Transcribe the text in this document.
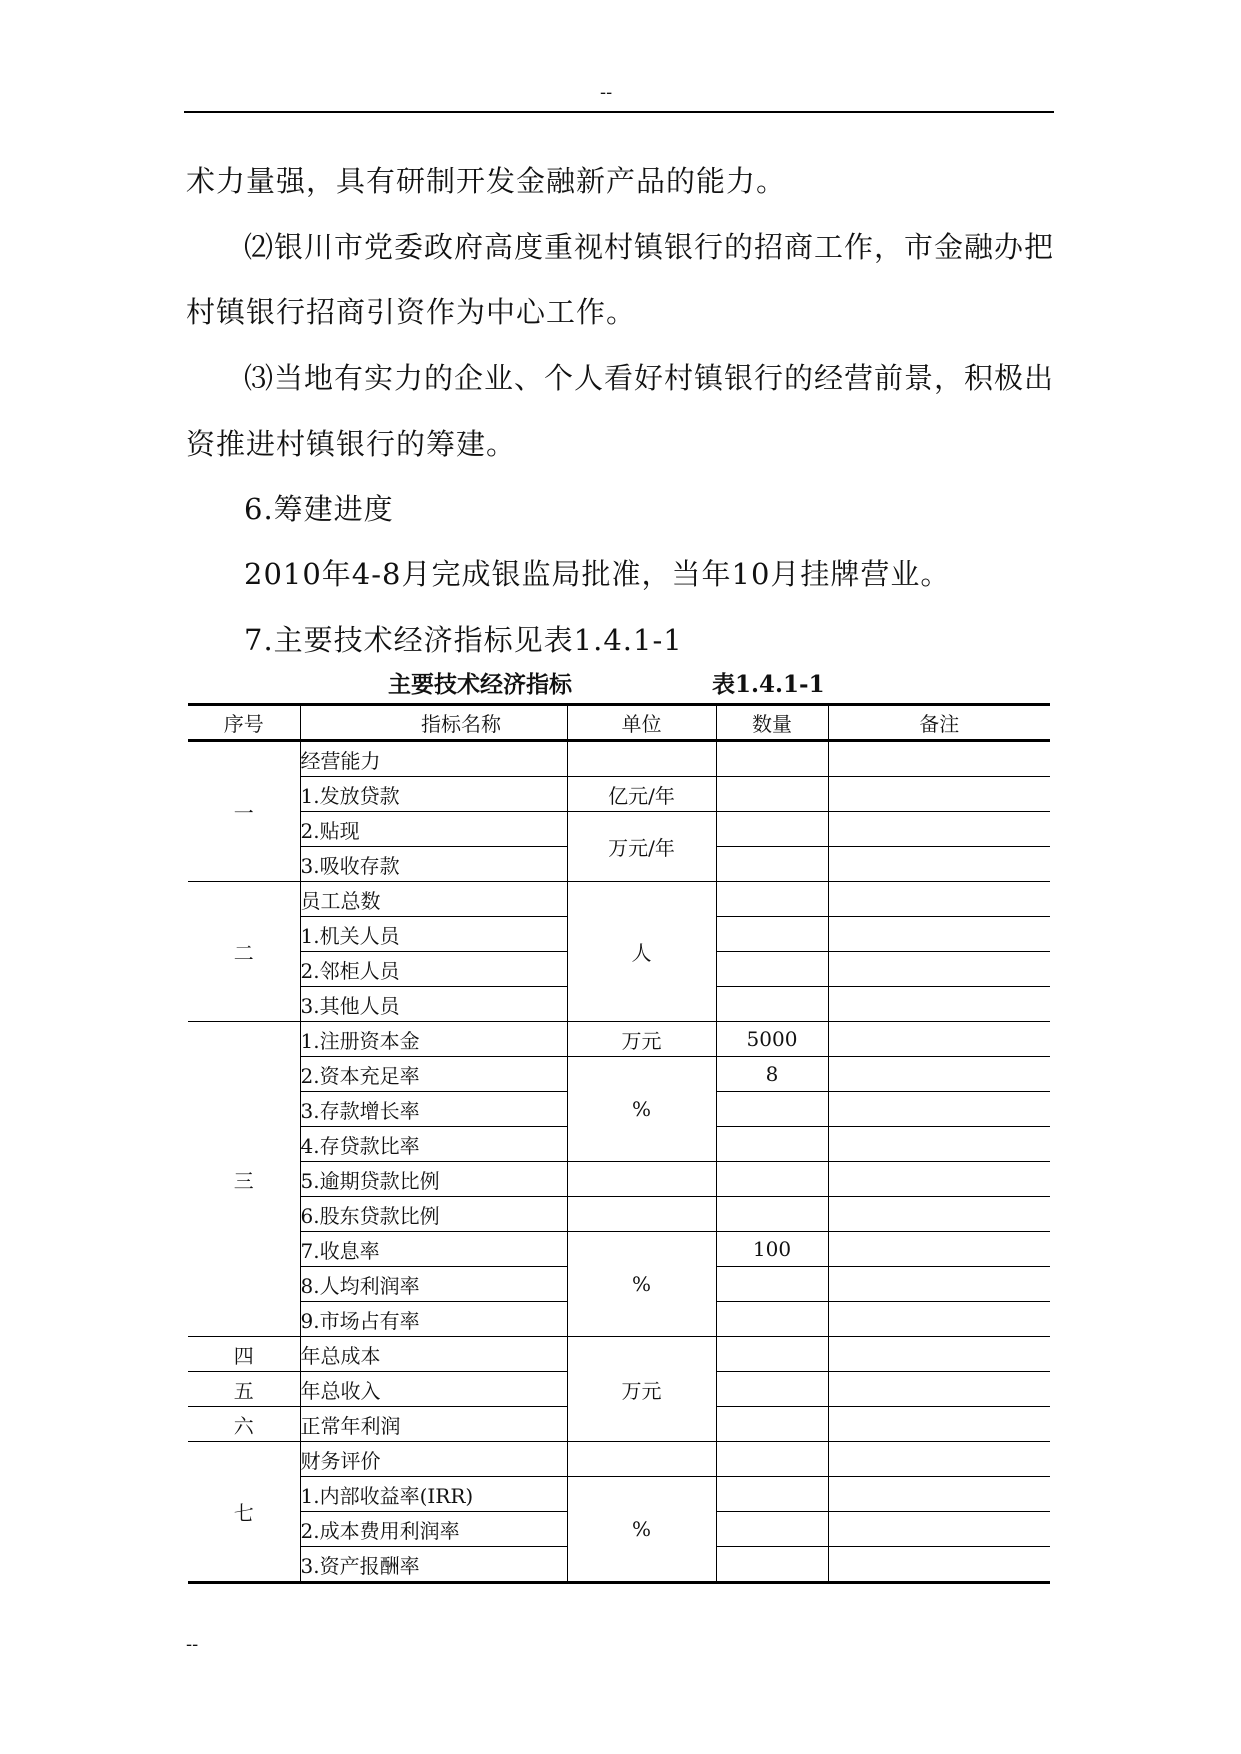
--
术力量强，具有研制开发金融新产品的能力。
⑵银川市党委政府高度重视村镇银行的招商工作，市金融办把
村镇银行招商引资作为中心工作。
⑶当地有实力的企业、个人看好村镇银行的经营前景，积极出
资推进村镇银行的筹建。
6.筹建进度
2010年4-8月完成银监局批准，当年10月挂牌营业。
7.主要技术经济指标见表1.4.1-1
主要技术经济指标	表1.4.1-1
序号	指标名称	单位	数量	备注
一	经营能力			
	1.发放贷款	亿元/年		
	2.贴现	万元/年		
	3.吸收存款			
二	员工总数	人		
	1.机关人员			
	2.邻柜人员			
	3.其他人员			
三	1.注册资本金	万元	5000	
	2.资本充足率	%	8	
	3.存款增长率			
	4.存贷款比率			
	5.逾期贷款比例			
	6.股东贷款比例			
	7.收息率	%	100	
	8.人均利润率			
	9.市场占有率			
四	年总成本	万元		
五	年总收入			
六	正常年利润			
七	财务评价			
	1.内部收益率(IRR)	%		
	2.成本费用利润率			
	3.资产报酬率			
--
